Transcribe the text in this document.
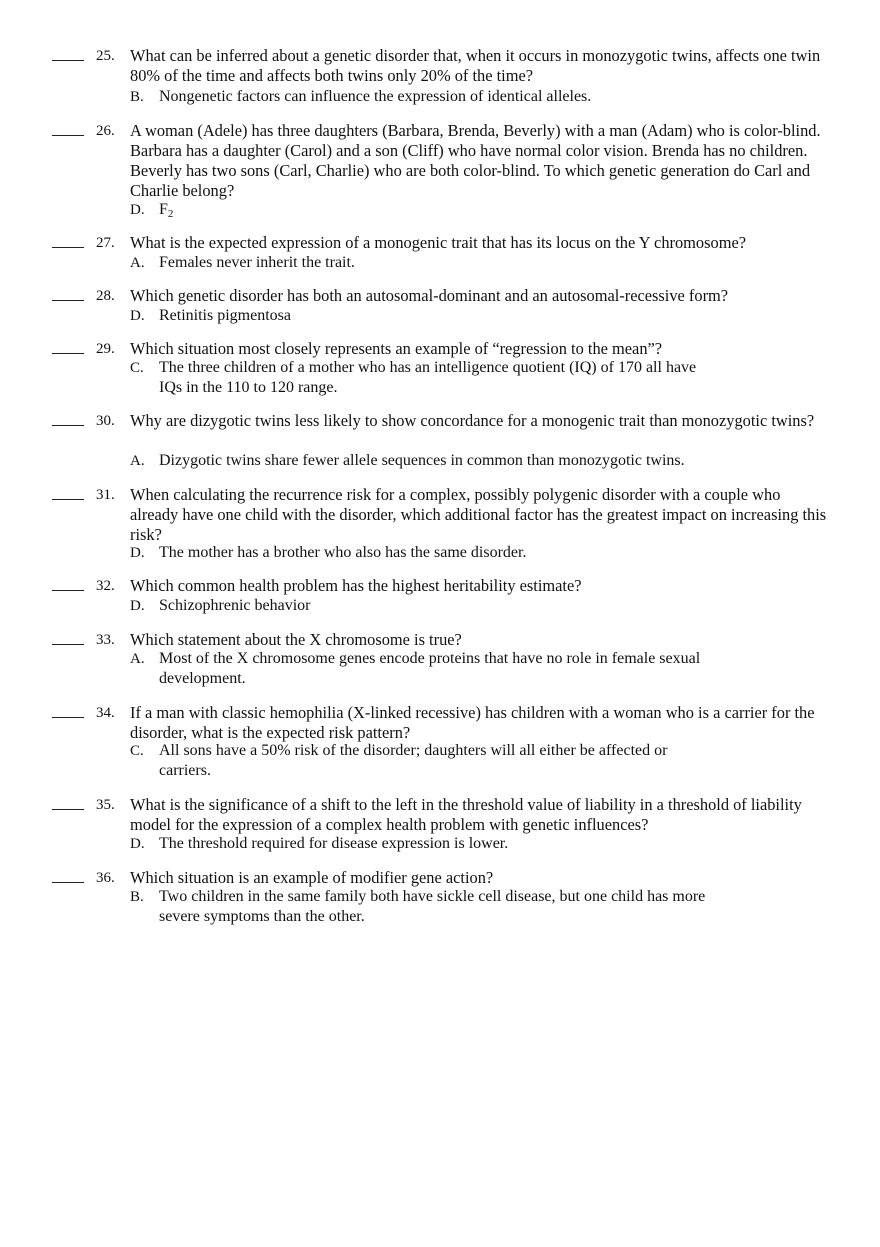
25. What can be inferred about a genetic disorder that, when it occurs in monozygotic twins, affects one twin 80% of the time and affects both twins only 20% of the time?
B. Nongenetic factors can influence the expression of identical alleles.
26. A woman (Adele) has three daughters (Barbara, Brenda, Beverly) with a man (Adam) who is color-blind. Barbara has a daughter (Carol) and a son (Cliff) who have normal color vision. Brenda has no children. Beverly has two sons (Carl, Charlie) who are both color-blind. To which genetic generation do Carl and Charlie belong?
D. $F_2$
27. What is the expected expression of a monogenic trait that has its locus on the Y chromosome?
A. Females never inherit the trait.
28. Which genetic disorder has both an autosomal-dominant and an autosomal-recessive form?
D. Retinitis pigmentosa
29. Which situation most closely represents an example of “regression to the mean”?
C. The three children of a mother who has an intelligence quotient (IQ) of 170 all have IQs in the 110 to 120 range.
30. Why are dizygotic twins less likely to show concordance for a monogenic trait than monozygotic twins?
A. Dizygotic twins share fewer allele sequences in common than monozygotic twins.
31. When calculating the recurrence risk for a complex, possibly polygenic disorder with a couple who already have one child with the disorder, which additional factor has the greatest impact on increasing this risk?
D. The mother has a brother who also has the same disorder.
32. Which common health problem has the highest heritability estimate?
D. Schizophrenic behavior
33. Which statement about the X chromosome is true?
A. Most of the X chromosome genes encode proteins that have no role in female sexual development.
34. If a man with classic hemophilia (X-linked recessive) has children with a woman who is a carrier for the disorder, what is the expected risk pattern?
C. All sons have a 50% risk of the disorder; daughters will all either be affected or carriers.
35. What is the significance of a shift to the left in the threshold value of liability in a threshold of liability model for the expression of a complex health problem with genetic influences?
D. The threshold required for disease expression is lower.
36. Which situation is an example of modifier gene action?
B. Two children in the same family both have sickle cell disease, but one child has more severe symptoms than the other.
